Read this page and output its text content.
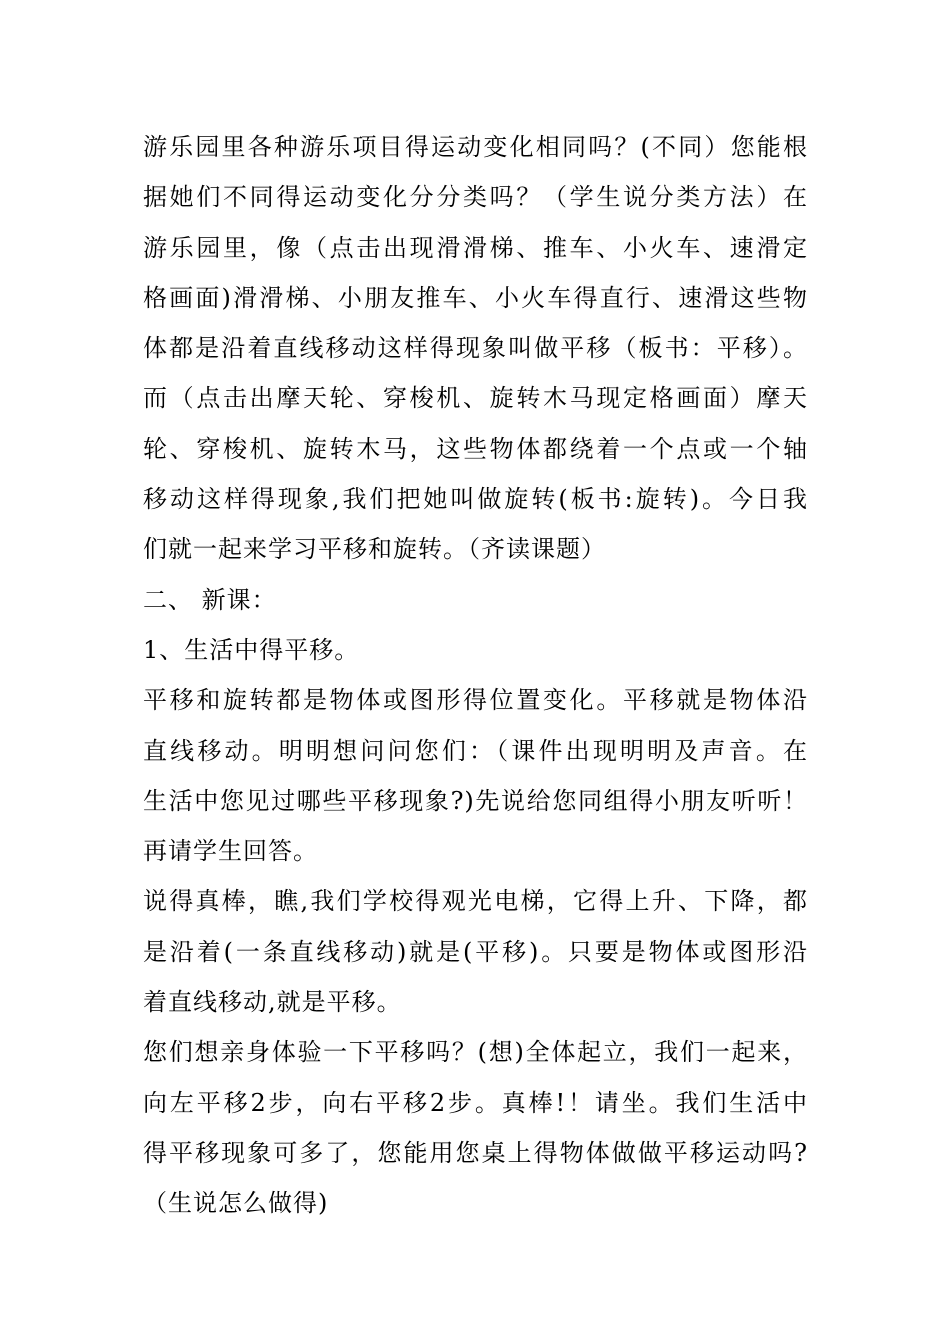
游乐园里各种游乐项目得运动变化相同吗？(不同）您能根
据她们不同得运动变化分分类吗？（学生说分类方法）在
游乐园里，像（点击出现滑滑梯、推车、小火车、速滑定
格画面)滑滑梯、小朋友推车、小火车得直行、速滑这些物
体都是沿着直线移动这样得现象叫做平移（板书：平移）。
而（点击出摩天轮、穿梭机、旋转木马现定格画面）摩天
轮、穿梭机、旋转木马，这些物体都绕着一个点或一个轴
移动这样得现象,我们把她叫做旋转(板书:旋转)。今日我
们就一起来学习平移和旋转。（齐读课题）
二、 新课：
1、生活中得平移。
平移和旋转都是物体或图形得位置变化。平移就是物体沿
直线移动。明明想问问您们：（课件出现明明及声音。在
生活中您见过哪些平移现象?)先说给您同组得小朋友听听！
再请学生回答。
说得真棒，瞧,我们学校得观光电梯，它得上升、下降，都
是沿着(一条直线移动)就是(平移)。只要是物体或图形沿
着直线移动,就是平移。
您们想亲身体验一下平移吗？(想)全体起立，我们一起来，
向左平移2步，向右平移2步。真棒!！请坐。我们生活中
得平移现象可多了，您能用您桌上得物体做做平移运动吗?
（生说怎么做得)
